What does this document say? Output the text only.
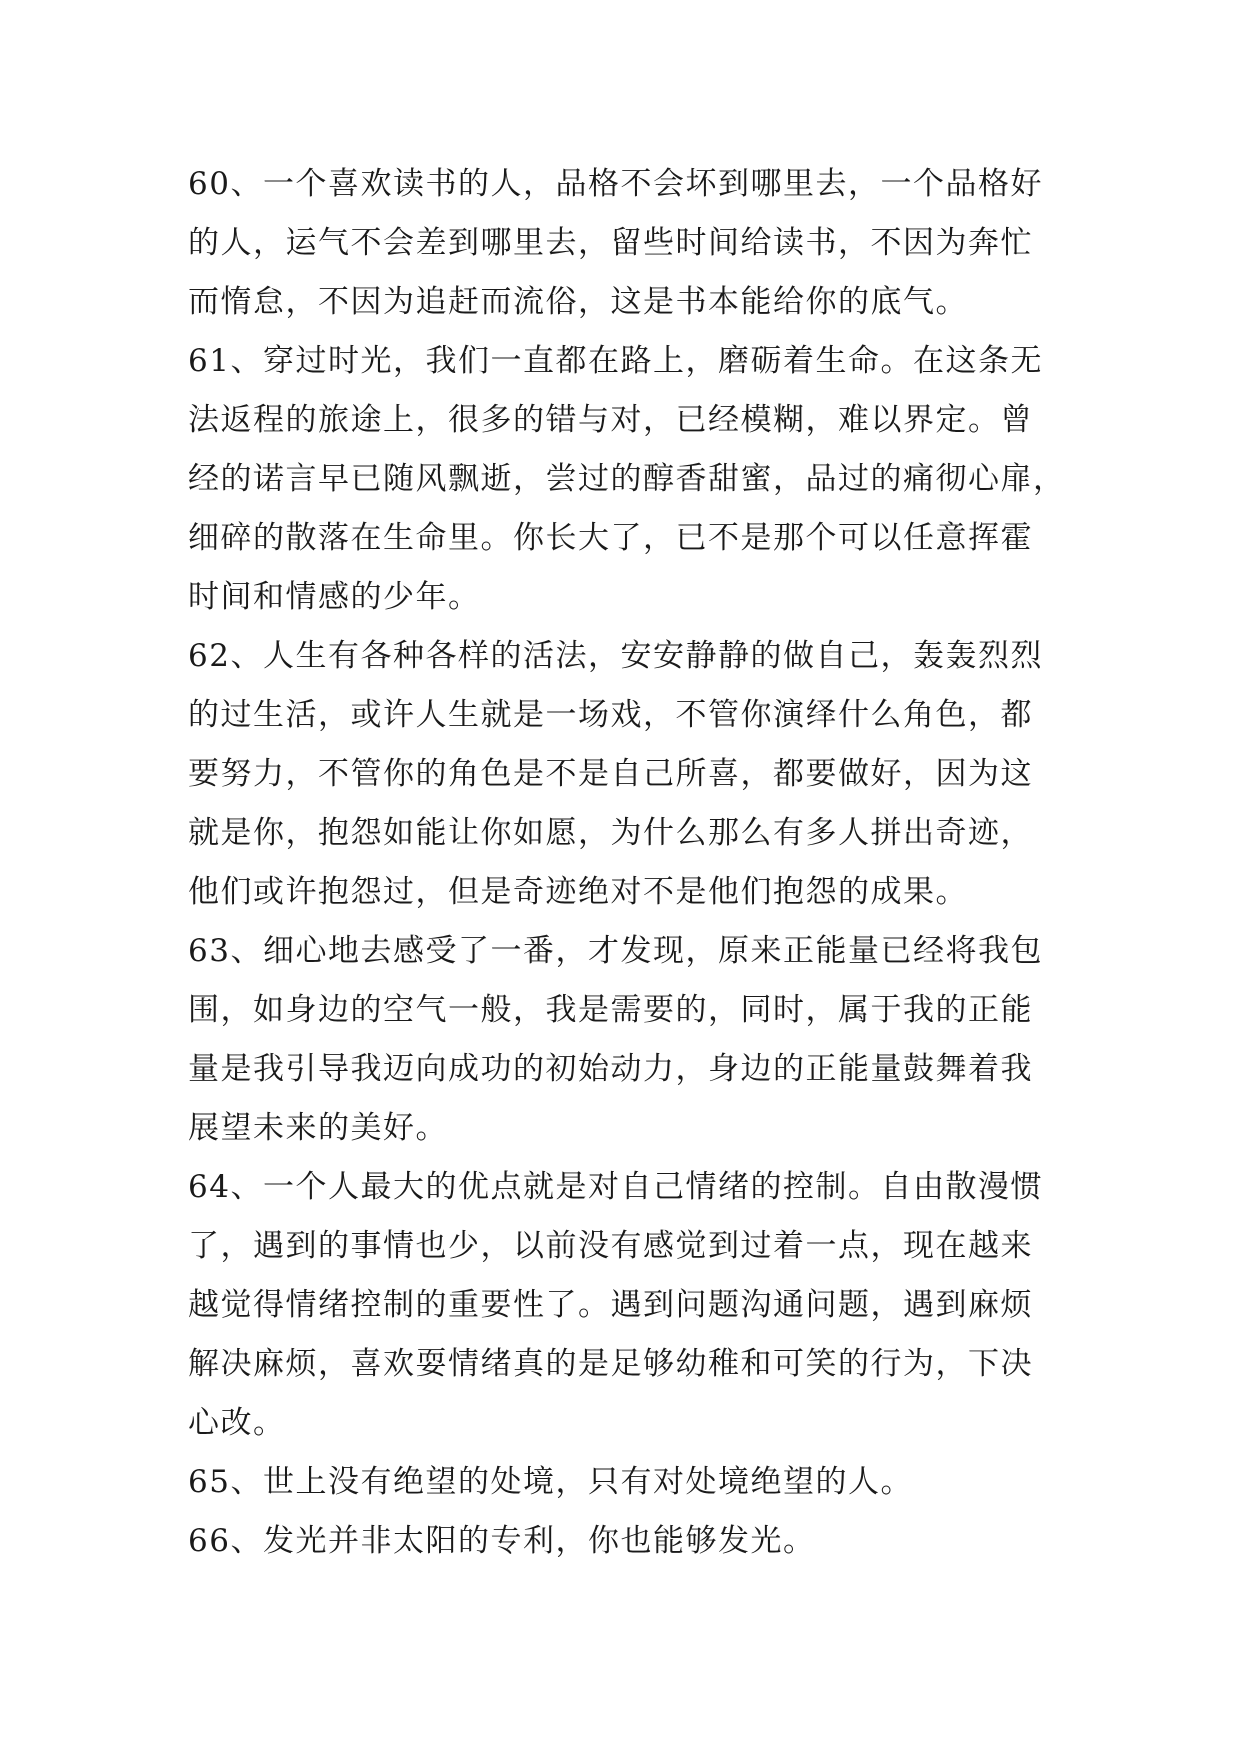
60、一个喜欢读书的人，品格不会坏到哪里去，一个品格好
的人，运气不会差到哪里去，留些时间给读书，不因为奔忙
而惰怠，不因为追赶而流俗，这是书本能给你的底气。
61、穿过时光，我们一直都在路上，磨砺着生命。在这条无
法返程的旅途上，很多的错与对，已经模糊，难以界定。曾
经的诺言早已随风飘逝，尝过的醇香甜蜜，品过的痛彻心扉，
细碎的散落在生命里。你长大了，已不是那个可以任意挥霍
时间和情感的少年。
62、人生有各种各样的活法，安安静静的做自己，轰轰烈烈
的过生活，或许人生就是一场戏，不管你演绎什么角色，都
要努力，不管你的角色是不是自己所喜，都要做好，因为这
就是你，抱怨如能让你如愿，为什么那么有多人拼出奇迹，
他们或许抱怨过，但是奇迹绝对不是他们抱怨的成果。
63、细心地去感受了一番，才发现，原来正能量已经将我包
围，如身边的空气一般，我是需要的，同时，属于我的正能
量是我引导我迈向成功的初始动力，身边的正能量鼓舞着我
展望未来的美好。
64、一个人最大的优点就是对自己情绪的控制。自由散漫惯
了，遇到的事情也少，以前没有感觉到过着一点，现在越来
越觉得情绪控制的重要性了。遇到问题沟通问题，遇到麻烦
解决麻烦，喜欢耍情绪真的是足够幼稚和可笑的行为，下决
心改。
65、世上没有绝望的处境，只有对处境绝望的人。
66、发光并非太阳的专利，你也能够发光。
